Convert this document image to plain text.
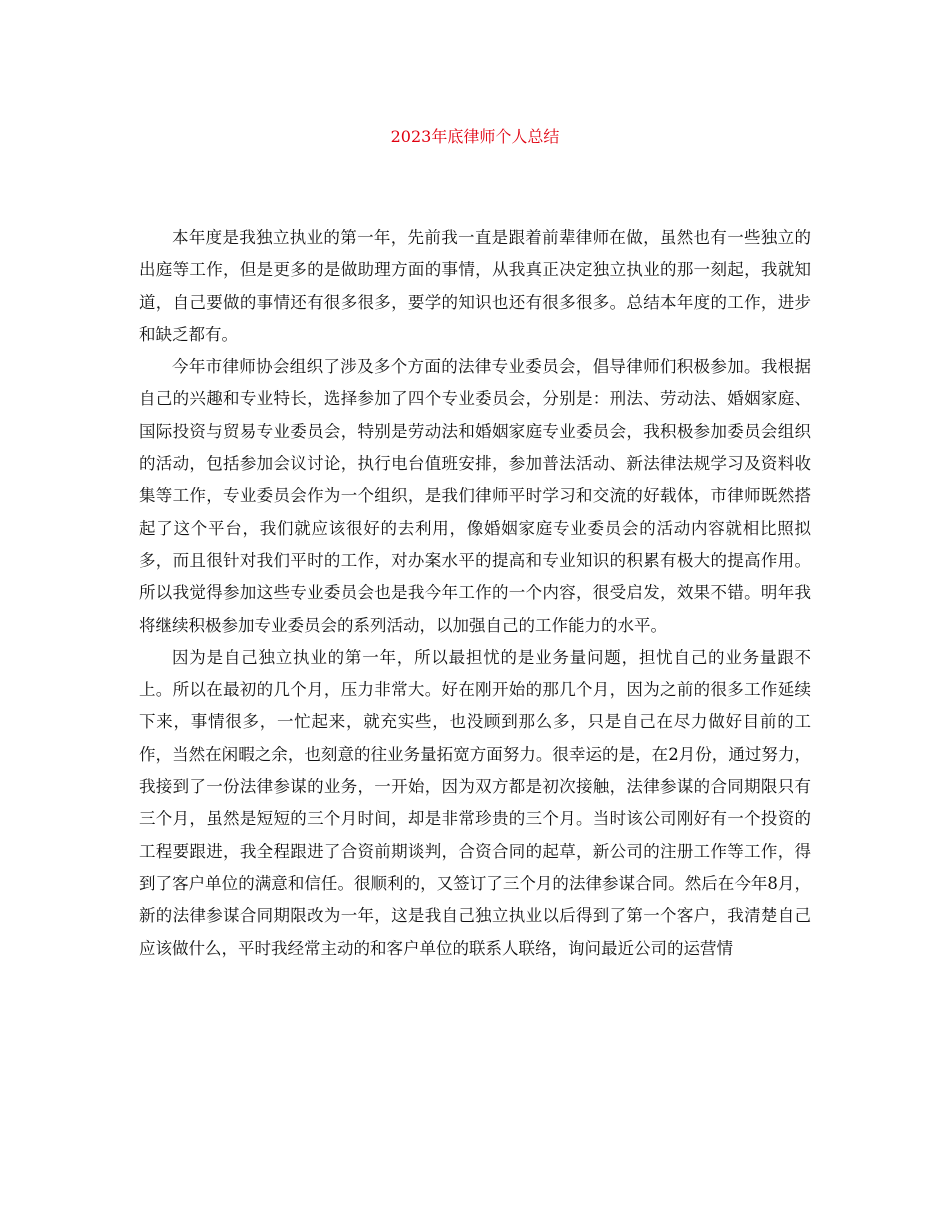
2023年底律师个人总结

本年度是我独立执业的第一年，先前我一直是跟着前辈律师在做，虽然也有一些独立的出庭等工作，但是更多的是做助理方面的事情，从我真正决定独立执业的那一刻起，我就知道，自己要做的事情还有很多很多，要学的知识也还有很多很多。总结本年度的工作，进步和缺乏都有。

今年市律师协会组织了涉及多个方面的法律专业委员会，倡导律师们积极参加。我根据自己的兴趣和专业特长，选择参加了四个专业委员会，分别是：刑法、劳动法、婚姻家庭、国际投资与贸易专业委员会，特别是劳动法和婚姻家庭专业委员会，我积极参加委员会组织的活动，包括参加会议讨论，执行电台值班安排，参加普法活动、新法律法规学习及资料收集等工作，专业委员会作为一个组织，是我们律师平时学习和交流的好载体，市律师既然搭起了这个平台，我们就应该很好的去利用，像婚姻家庭专业委员会的活动内容就相比照拟多，而且很针对我们平时的工作，对办案水平的提高和专业知识的积累有极大的提高作用。所以我觉得参加这些专业委员会也是我今年工作的一个内容，很受启发，效果不错。明年我将继续积极参加专业委员会的系列活动，以加强自己的工作能力的水平。

因为是自己独立执业的第一年，所以最担忧的是业务量问题，担忧自己的业务量跟不上。所以在最初的几个月，压力非常大。好在刚开始的那几个月，因为之前的很多工作延续下来，事情很多，一忙起来，就充实些，也没顾到那么多，只是自己在尽力做好目前的工作，当然在闲暇之余，也刻意的往业务量拓宽方面努力。很幸运的是，在2月份，通过努力，我接到了一份法律参谋的业务，一开始，因为双方都是初次接触，法律参谋的合同期限只有三个月，虽然是短短的三个月时间，却是非常珍贵的三个月。当时该公司刚好有一个投资的工程要跟进，我全程跟进了合资前期谈判，合资合同的起草，新公司的注册工作等工作，得到了客户单位的满意和信任。很顺利的，又签订了三个月的法律参谋合同。然后在今年8月，新的法律参谋合同期限改为一年，这是我自己独立执业以后得到了第一个客户，我清楚自己应该做什么，平时我经常主动的和客户单位的联系人联络，询问最近公司的运营情
